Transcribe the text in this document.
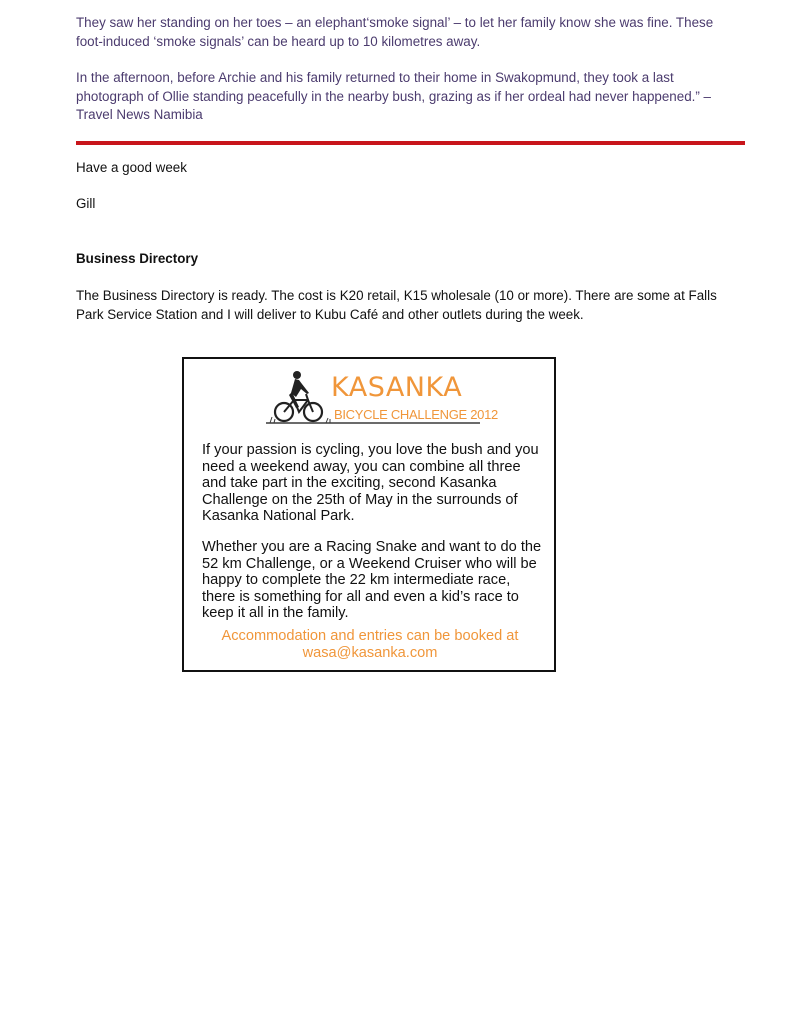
They saw her standing on her toes – an elephant‘smoke signal’ – to let her family know she was fine. These foot-induced ‘smoke signals’ can be heard up to 10 kilometres away.

In the afternoon, before Archie and his family returned to their home in Swakopmund, they took a last photograph of Ollie standing peacefully in the nearby bush, grazing as if her ordeal had never happened.” – Travel News Namibia

Have a good week

Gill

Business Directory

The Business Directory is ready. The cost is K20 retail, K15 wholesale (10 or more). There are some at Falls Park Service Station and I will deliver to Kubu Café and other outlets during the week.

KASANKA
BICYCLE CHALLENGE 2012

If your passion is cycling, you love the bush and you need a weekend away, you can combine all three and take part in the exciting, second Kasanka Challenge on the 25th of May in the surrounds of Kasanka National Park.

Whether you are a Racing Snake and want to do the 52 km Challenge, or a Weekend Cruiser who will be happy to complete the 22 km intermediate race, there is something for all and even a kid’s race to keep it all in the family.

Accommodation and entries can be booked at wasa@kasanka.com
